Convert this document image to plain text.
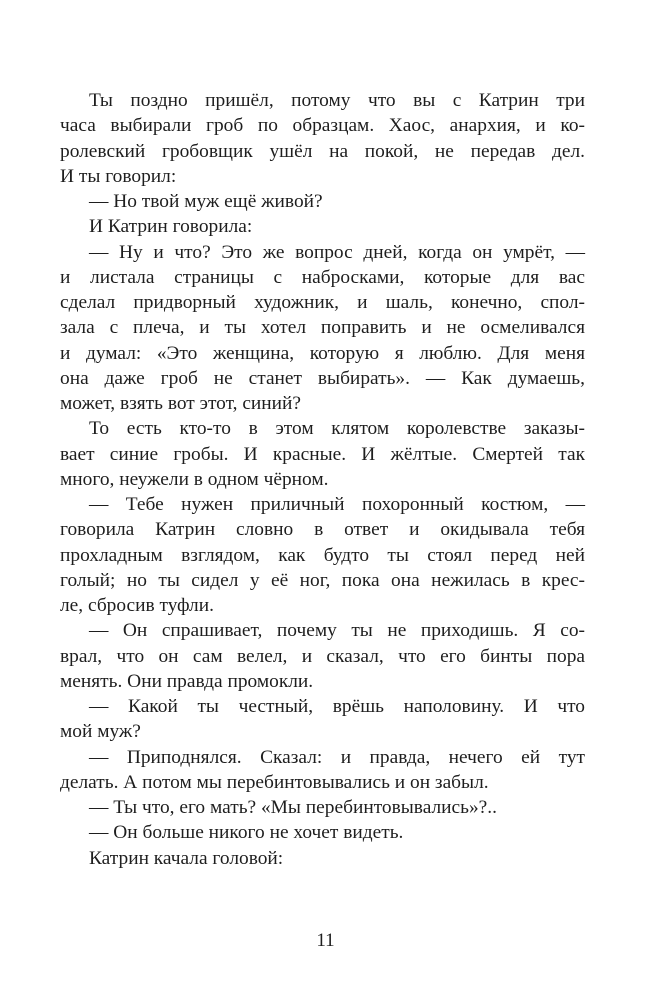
Ты поздно пришёл, потому что вы с Катрин три
часа выбирали гроб по образцам. Хаос, анархия, и ко-
ролевский гробовщик ушёл на покой, не передав дел.
И ты говорил:
— Но твой муж ещё живой?
И Катрин говорила:
— Ну и что? Это же вопрос дней, когда он умрёт, —
и листала страницы с набросками, которые для вас
сделал придворный художник, и шаль, конечно, спол-
зала с плеча, и ты хотел поправить и не осмеливался
и думал: «Это женщина, которую я люблю. Для меня
она даже гроб не станет выбирать». — Как думаешь,
может, взять вот этот, синий?
То есть кто-то в этом клятом королевстве заказы-
вает синие гробы. И красные. И жёлтые. Смертей так
много, неужели в одном чёрном.
— Тебе нужен приличный похоронный костюм, —
говорила Катрин словно в ответ и окидывала тебя
прохладным взглядом, как будто ты стоял перед ней
голый; но ты сидел у её ног, пока она нежилась в крес-
ле, сбросив туфли.
— Он спрашивает, почему ты не приходишь. Я со-
врал, что он сам велел, и сказал, что его бинты пора
менять. Они правда промокли.
— Какой ты честный, врёшь наполовину. И что
мой муж?
— Приподнялся. Сказал: и правда, нечего ей тут
делать. А потом мы перебинтовывались и он забыл.
— Ты что, его мать? «Мы перебинтовывались»?..
— Он больше никого не хочет видеть.
Катрин качала головой:
11
